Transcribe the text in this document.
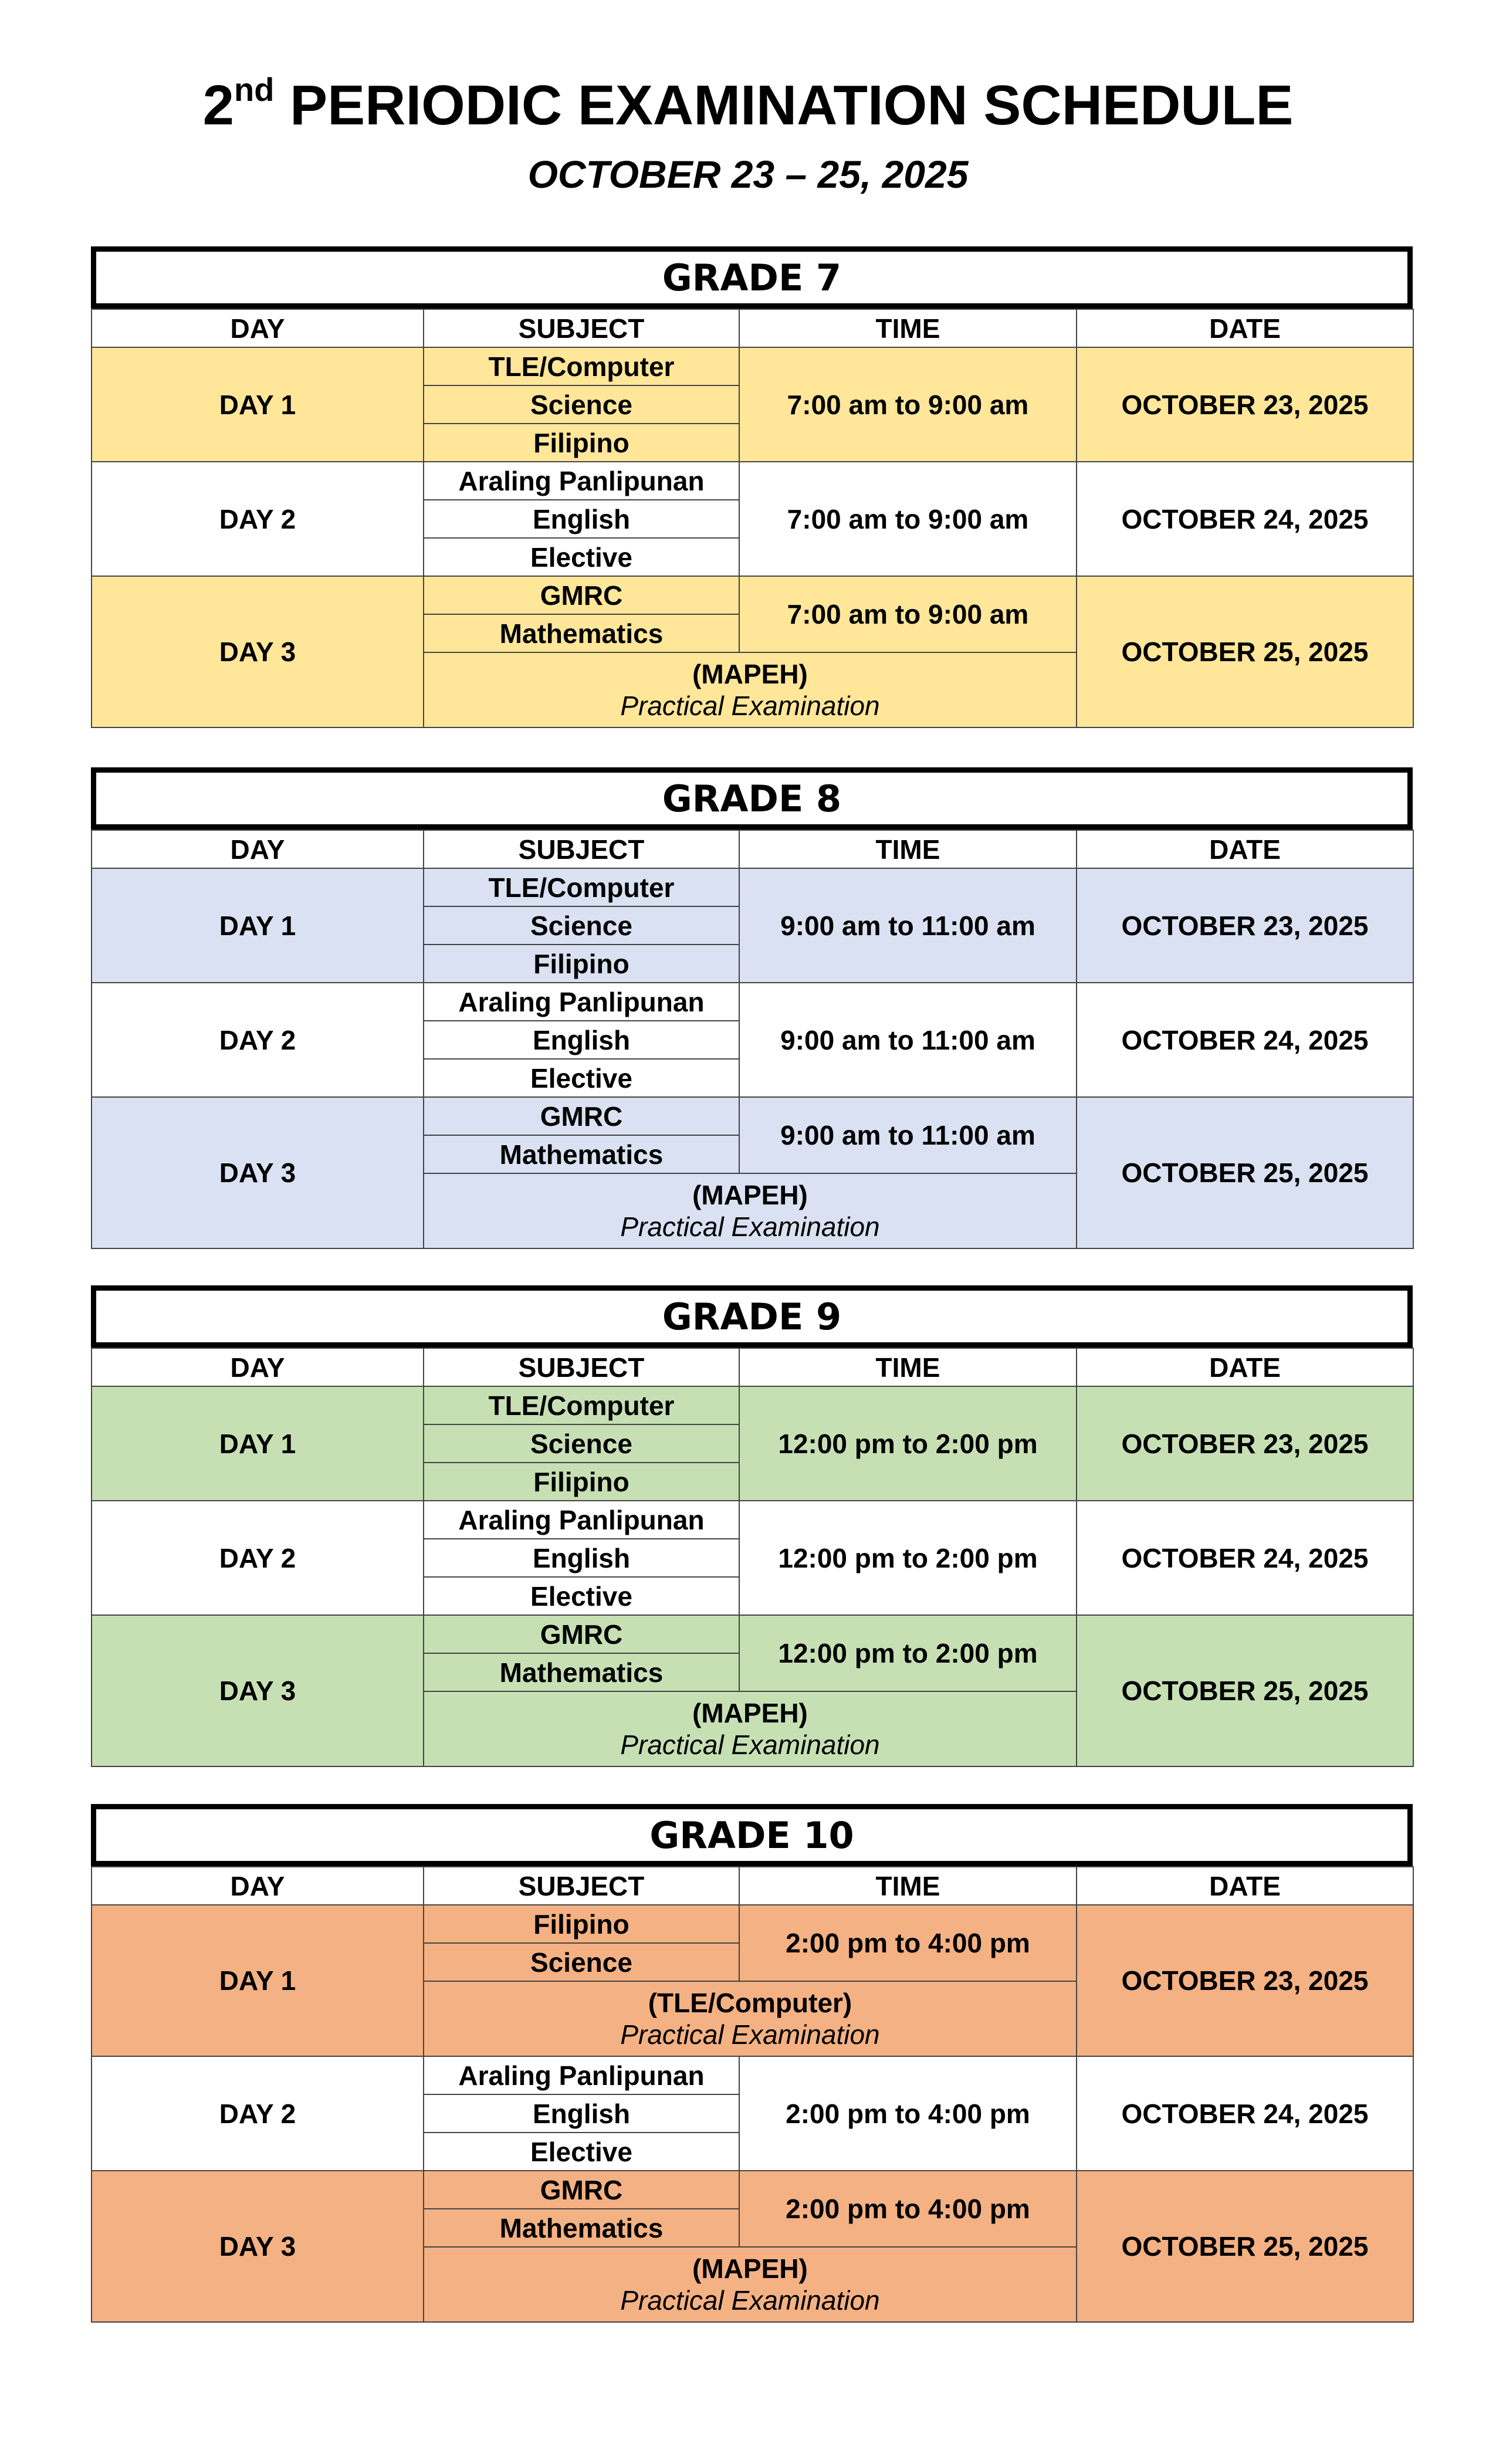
2nd PERIODIC EXAMINATION SCHEDULE
OCTOBER 23 – 25, 2025
GRADE 7
DAY	SUBJECT	TIME	DATE
DAY 1	TLE/Computer	7:00 am to 9:00 am	OCTOBER 23, 2025
	Science		
	Filipino		
DAY 2	Araling Panlipunan	7:00 am to 9:00 am	OCTOBER 24, 2025
	English		
	Elective		
DAY 3	GMRC	7:00 am to 9:00 am	OCTOBER 25, 2025
	Mathematics		

	(MAPEH)
Practical Examination		
GRADE 8
DAY	SUBJECT	TIME	DATE
DAY 1	TLE/Computer	9:00 am to 11:00 am	OCTOBER 23, 2025
	Science		
	Filipino		
DAY 2	Araling Panlipunan	9:00 am to 11:00 am	OCTOBER 24, 2025
	English		
	Elective		
DAY 3	GMRC	9:00 am to 11:00 am	OCTOBER 25, 2025
	Mathematics		

	(MAPEH)
Practical Examination		
GRADE 9
DAY	SUBJECT	TIME	DATE
DAY 1	TLE/Computer	12:00 pm to 2:00 pm	OCTOBER 23, 2025
	Science		
	Filipino		
DAY 2	Araling Panlipunan	12:00 pm to 2:00 pm	OCTOBER 24, 2025
	English		
	Elective		
DAY 3	GMRC	12:00 pm to 2:00 pm	OCTOBER 25, 2025
	Mathematics		

	(MAPEH)
Practical Examination		
GRADE 10
DAY	SUBJECT	TIME	DATE
DAY 1	Filipino	2:00 pm to 4:00 pm	OCTOBER 23, 2025
	Science		

	(TLE/Computer)
Practical Examination		

DAY 2	Araling Panlipunan	2:00 pm to 4:00 pm	OCTOBER 24, 2025
	English		
	Elective		
DAY 3	GMRC	2:00 pm to 4:00 pm	OCTOBER 25, 2025
	Mathematics		

	(MAPEH)
Practical Examination		
